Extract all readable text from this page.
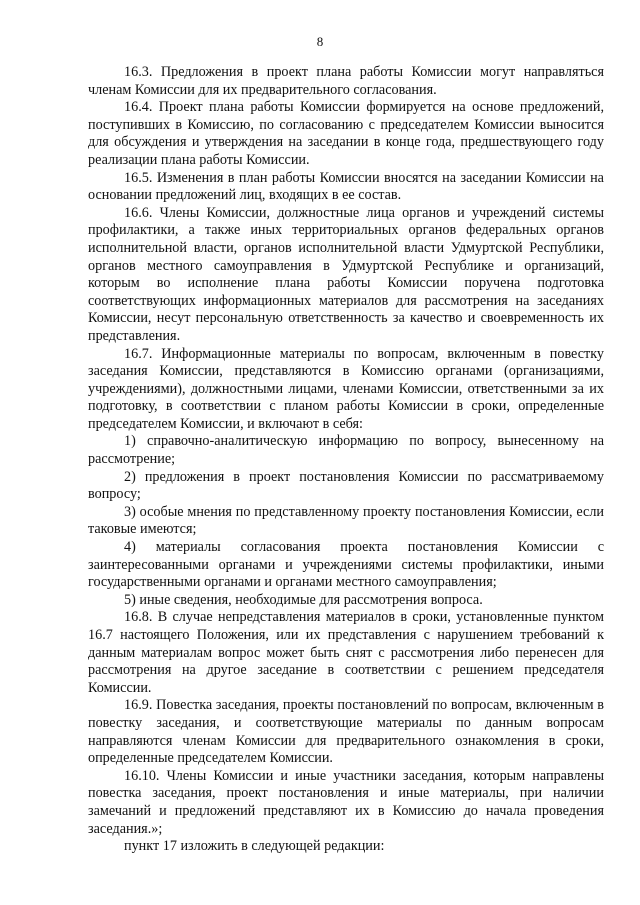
8

16.3. Предложения в проект плана работы Комиссии могут направляться членам Комиссии для их предварительного согласования.

16.4. Проект плана работы Комиссии формируется на основе предложений, поступивших в Комиссию, по согласованию с председателем Комиссии выносится для обсуждения и утверждения на заседании в конце года, предшествующего году реализации плана работы Комиссии.

16.5. Изменения в план работы Комиссии вносятся на заседании Комиссии на основании предложений лиц, входящих в ее состав.

16.6. Члены Комиссии, должностные лица органов и учреждений системы профилактики, а также иных территориальных органов федеральных органов исполнительной власти, органов исполнительной власти Удмуртской Республики, органов местного самоуправления в Удмуртской Республике и организаций, которым во исполнение плана работы Комиссии поручена подготовка соответствующих информационных материалов для рассмотрения на заседаниях Комиссии, несут персональную ответственность за качество и своевременность их представления.

16.7. Информационные материалы по вопросам, включенным в повестку заседания Комиссии, представляются в Комиссию органами (организациями, учреждениями), должностными лицами, членами Комиссии, ответственными за их подготовку, в соответствии с планом работы Комиссии в сроки, определенные председателем Комиссии, и включают в себя:

1) справочно-аналитическую информацию по вопросу, вынесенному на рассмотрение;

2) предложения в проект постановления Комиссии по рассматриваемому вопросу;

3) особые мнения по представленному проекту постановления Комиссии, если таковые имеются;

4) материалы согласования проекта постановления Комиссии с заинтересованными органами и учреждениями системы профилактики, иными государственными органами и органами местного самоуправления;

5) иные сведения, необходимые для рассмотрения вопроса.

16.8. В случае непредставления материалов в сроки, установленные пунктом 16.7 настоящего Положения, или их представления с нарушением требований к данным материалам вопрос может быть снят с рассмотрения либо перенесен для рассмотрения на другое заседание в соответствии с решением председателя Комиссии.

16.9. Повестка заседания, проекты постановлений по вопросам, включенным в повестку заседания, и соответствующие материалы по данным вопросам направляются членам Комиссии для предварительного ознакомления в сроки, определенные председателем Комиссии.

16.10. Члены Комиссии и иные участники заседания, которым направлены повестка заседания, проект постановления и иные материалы, при наличии замечаний и предложений представляют их в Комиссию до начала проведения заседания.»;

пункт 17 изложить в следующей редакции:
